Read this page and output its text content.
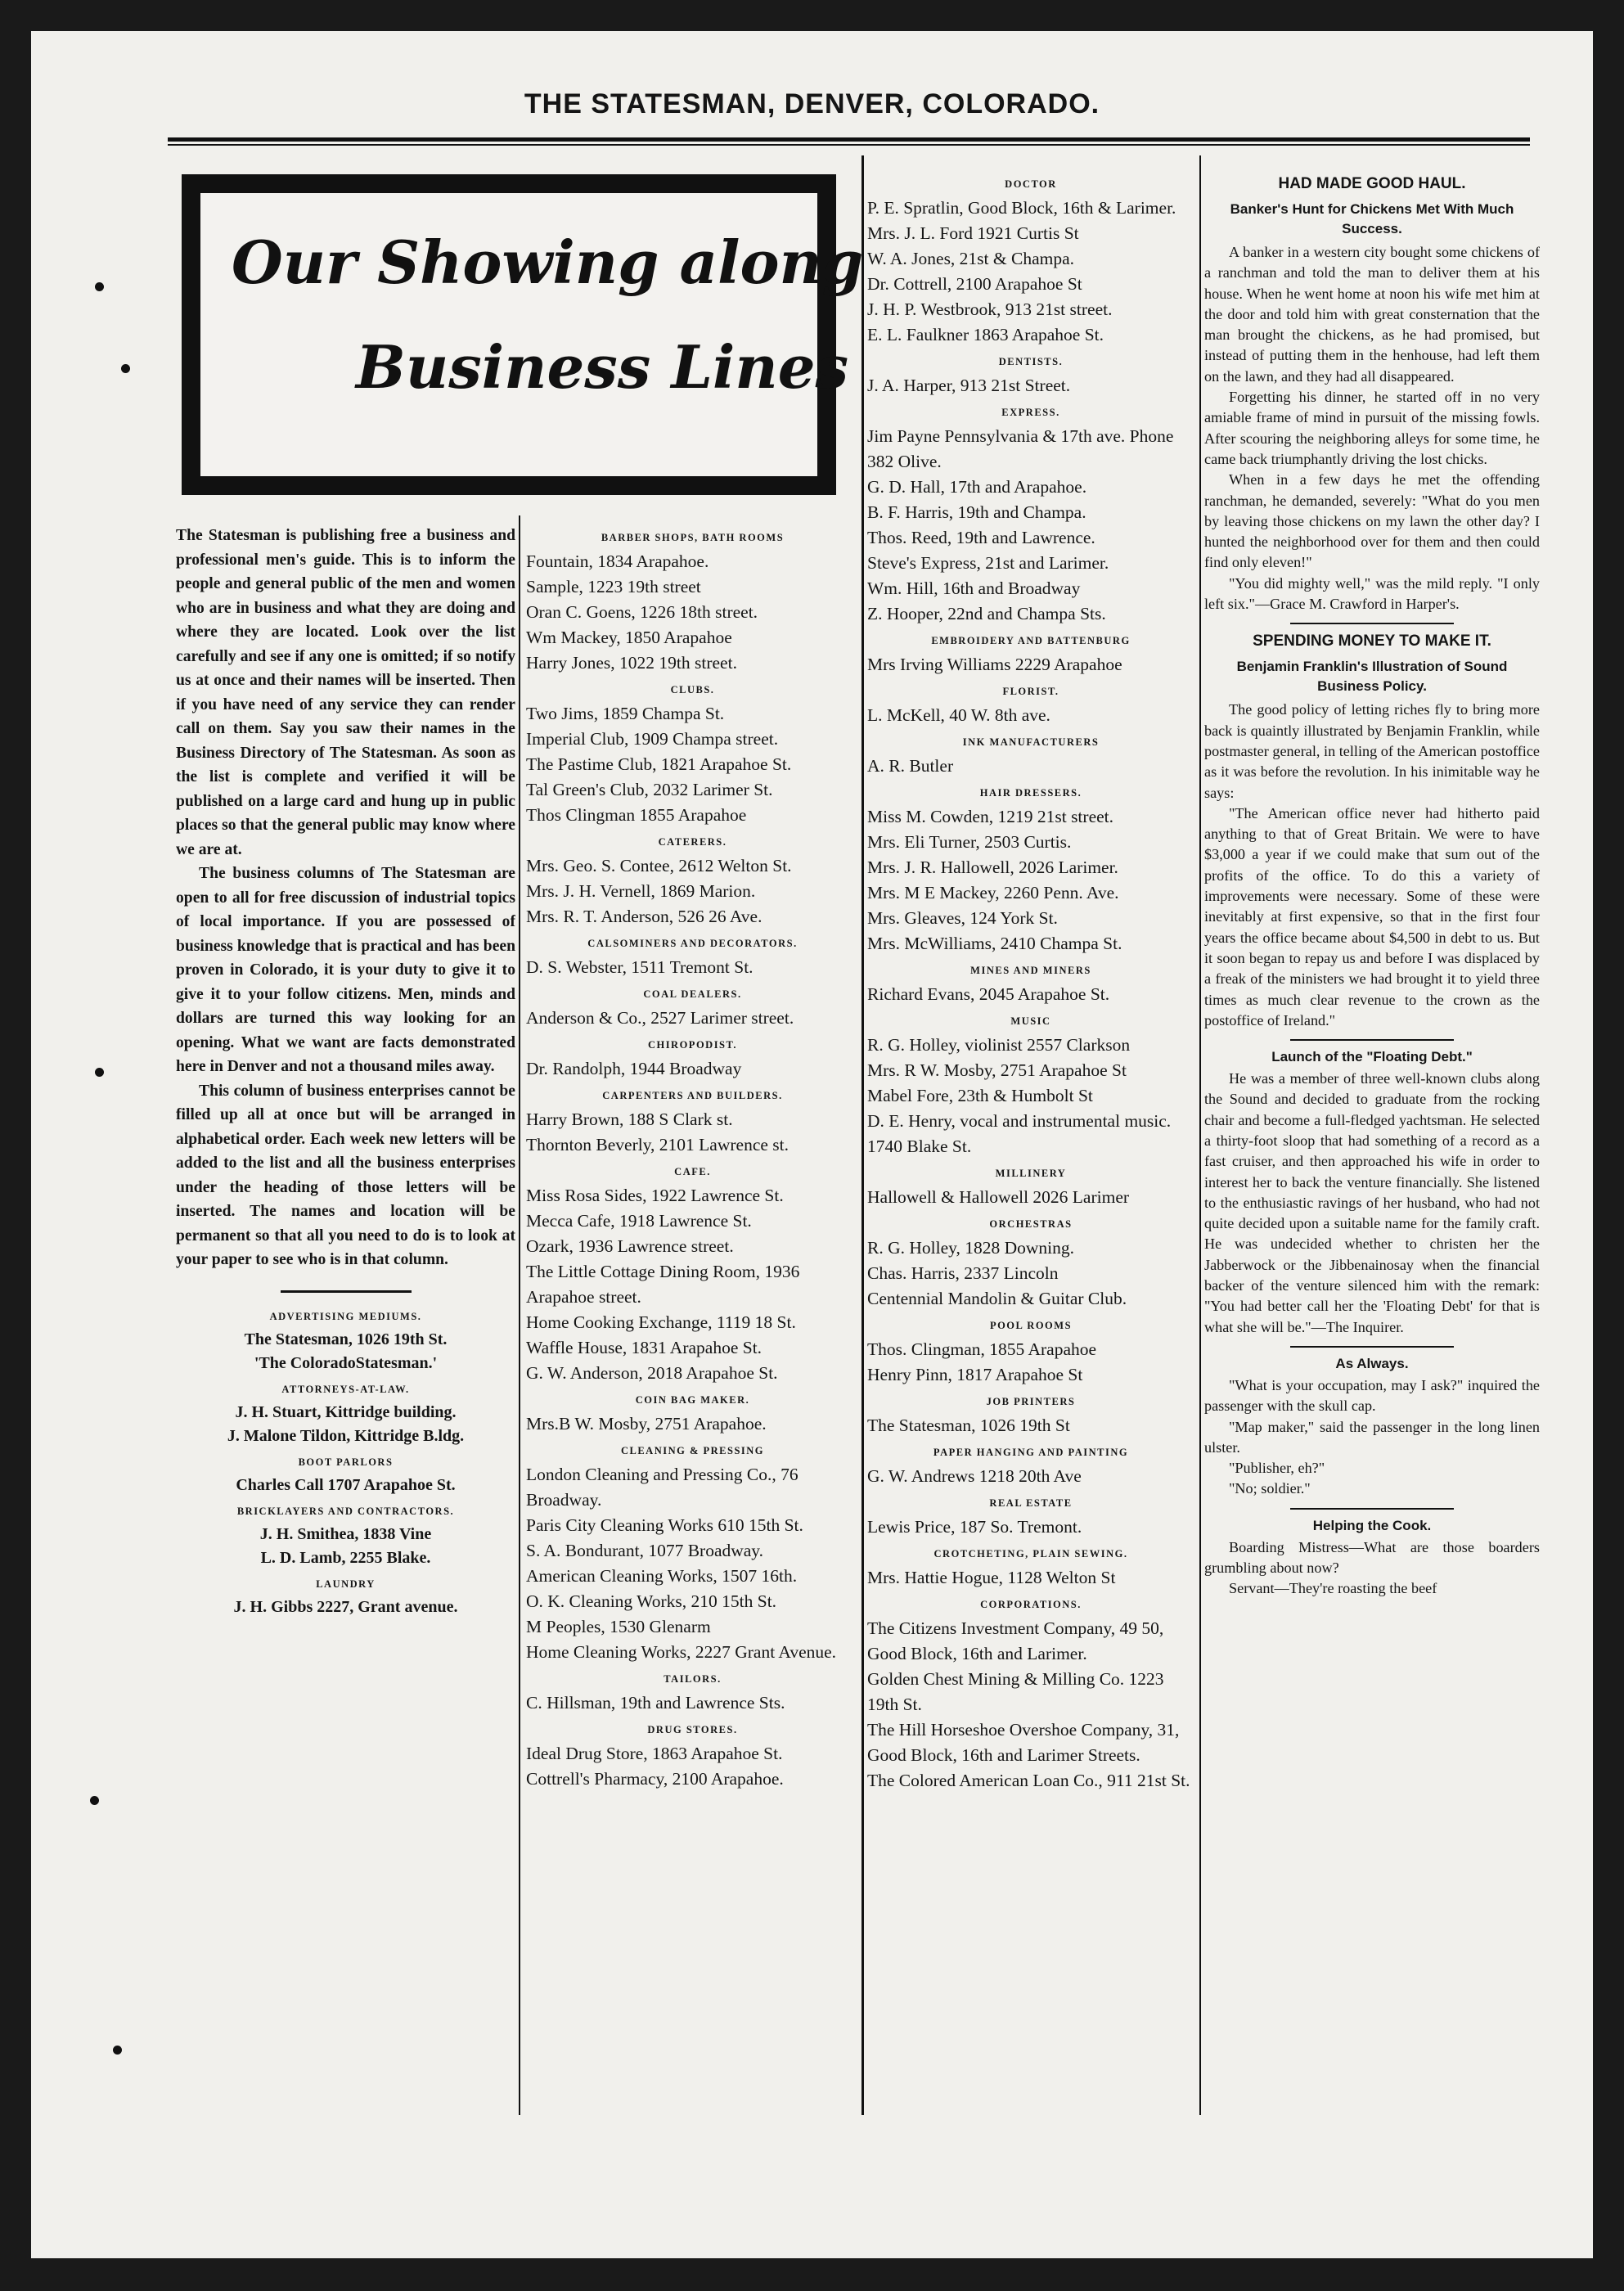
THE STATESMAN, DENVER, COLORADO.
Our Showing along
Business Lines

The Statesman is publishing free a business and professional men's guide. This is to inform the people and general public of the men and women who are in business and what they are doing and where they are located. Look over the list carefully and see if any one is omitted; if so notify us at once and their names will be inserted. Then if you have need of any service they can render call on them. Say you saw their names in the Business Directory of The Statesman. As soon as the list is complete and verified it will be published on a large card and hung up in public places so that the general public may know where we are at.

The business columns of The Statesman are open to all for free discussion of industrial topics of local importance. If you are possessed of business knowledge that is practical and has been proven in Colorado, it is your duty to give it to give it to your follow citizens. Men, minds and dollars are turned this way looking for an opening. What we want are facts demonstrated here in Denver and not a thousand miles away.

This column of business enterprises cannot be filled up all at once but will be arranged in alphabetical order. Each week new letters will be added to the list and all the business enterprises under the heading of those letters will be inserted. The names and location will be permanent so that all you need to do is to look at your paper to see who is in that column.

ADVERTISING MEDIUMS.
The Statesman, 1026 19th St.
'The ColoradoStatesman.'
ATTORNEYS-AT-LAW.
J. H. Stuart, Kittridge building.
J. Malone Tildon, Kittridge B.ldg.
BOOT PARLORS
Charles Call 1707 Arapahoe St.
BRICKLAYERS AND CONTRACTORS.
J. H. Smithea, 1838 Vine
L. D. Lamb, 2255 Blake.
LAUNDRY
J. H. Gibbs 2227, Grant avenue.
BARBER SHOPS, BATH ROOMS
Fountain, 1834 Arapahoe.
Sample, 1223 19th street
Oran C. Goens, 1226 18th street.
Wm Mackey, 1850 Arapahoe
Harry Jones, 1022 19th street.
CLUBS.
Two Jims, 1859 Champa St.
Imperial Club, 1909 Champa street.
The Pastime Club, 1821 Arapahoe St.
Tal Green's Club, 2032 Larimer St.
Thos Clingman 1855 Arapahoe
CATERERS.
Mrs. Geo. S. Contee, 2612 Welton St.
Mrs. J. H. Vernell, 1869 Marion.
Mrs. R. T. Anderson, 526 26 Ave.
CALSOMINERS AND DECORATORS.
D. S. Webster, 1511 Tremont St.
COAL DEALERS.
Anderson & Co., 2527 Larimer street.
CHIROPODIST.
Dr. Randolph, 1944 Broadway
CARPENTERS AND BUILDERS.
Harry Brown, 188 S Clark st.
Thornton Beverly, 2101 Lawrence st.
CAFE.
Miss Rosa Sides, 1922 Lawrence St.
Mecca Cafe, 1918 Lawrence St.
Ozark, 1936 Lawrence street.
The Little Cottage Dining Room, 1936 Arapahoe street.
Home Cooking Exchange, 1119 18 St.
Waffle House, 1831 Arapahoe St.
G. W. Anderson, 2018 Arapahoe St.
COIN BAG MAKER.
Mrs.B W. Mosby, 2751 Arapahoe.
CLEANING & PRESSING
London Cleaning and Pressing Co., 76 Broadway.
Paris City Cleaning Works 610 15th St.
S. A. Bondurant, 1077 Broadway.
American Cleaning Works, 1507 16th.
O. K. Cleaning Works, 210 15th St.
M Peoples, 1530 Glenarm
Home Cleaning Works, 2227 Grant Avenue.
TAILORS.
C. Hillsman, 19th and Lawrence Sts.
DRUG STORES.
Ideal Drug Store, 1863 Arapahoe St.
Cottrell's Pharmacy, 2100 Arapahoe.
DOCTOR
P. E. Spratlin, Good Block, 16th & Larimer.
Mrs. J. L. Ford 1921 Curtis St
W. A. Jones, 21st & Champa.
Dr. Cottrell, 2100 Arapahoe St
J. H. P. Westbrook, 913 21st street.
E. L. Faulkner 1863 Arapahoe St.
DENTISTS.
J. A. Harper, 913 21st Street.
EXPRESS.
Jim Payne Pennsylvania & 17th ave. Phone 382 Olive.
G. D. Hall, 17th and Arapahoe.
B. F. Harris, 19th and Champa.
Thos. Reed, 19th and Lawrence.
Steve's Express, 21st and Larimer.
Wm. Hill, 16th and Broadway
Z. Hooper, 22nd and Champa Sts.
EMBROIDERY AND BATTENBURG
Mrs Irving Williams 2229 Arapahoe
FLORIST.
L. McKell, 40 W. 8th ave.
INK MANUFACTURERS
A. R. Butler
HAIR DRESSERS.
Miss M. Cowden, 1219 21st street.
Mrs. Eli Turner, 2503 Curtis.
Mrs. J. R. Hallowell, 2026 Larimer.
Mrs. M E Mackey, 2260 Penn. Ave.
Mrs. Gleaves, 124 York St.
Mrs. McWilliams, 2410 Champa St.
MINES AND MINERS
Richard Evans, 2045 Arapahoe St.
MUSIC
R. G. Holley, violinist 2557 Clarkson
Mrs. R W. Mosby, 2751 Arapahoe St
Mabel Fore, 23th & Humbolt St
D. E. Henry, vocal and instrumental music. 1740 Blake St.
MILLINERY
Hallowell & Hallowell 2026 Larimer
ORCHESTRAS
R. G. Holley, 1828 Downing.
Chas. Harris, 2337 Lincoln
Centennial Mandolin & Guitar Club.
POOL ROOMS
Thos. Clingman, 1855 Arapahoe
Henry Pinn, 1817 Arapahoe St
JOB PRINTERS
The Statesman, 1026 19th St
PAPER HANGING AND PAINTING
G. W. Andrews 1218 20th Ave
REAL ESTATE
Lewis Price, 187 So. Tremont.
CROTCHETING, PLAIN SEWING.
Mrs. Hattie Hogue, 1128 Welton St
CORPORATIONS.
The Citizens Investment Company, 49 50, Good Block, 16th and Larimer.
Golden Chest Mining & Milling Co. 1223 19th St.
The Hill Horseshoe Overshoe Company, 31, Good Block, 16th and Larimer Streets.
The Colored American Loan Co., 911 21st St.
HAD MADE GOOD HAUL.
Banker's Hunt for Chickens Met With Much Success.

A banker in a western city bought some chickens of a ranchman and told the man to deliver them at his house. When he went home at noon his wife met him at the door and told him with great consternation that the man brought the chickens, as he had promised, but instead of putting them in the henhouse, had left them on the lawn, and they had all disappeared.

Forgetting his dinner, he started off in no very amiable frame of mind in pursuit of the missing fowls. After scouring the neighboring alleys for some time, he came back triumphantly driving the lost chicks.

When in a few days he met the offending ranchman, he demanded, severely: "What do you men by leaving those chickens on my lawn the other day? I hunted the neighborhood over for them and then could find only eleven!"

"You did mighty well," was the mild reply. "I only left six."—Grace M. Crawford in Harper's.

SPENDING MONEY TO MAKE IT.
Benjamin Franklin's Illustration of Sound Business Policy.

The good policy of letting riches fly to bring more back is quaintly illustrated by Benjamin Franklin, while postmaster general, in telling of the American postoffice as it was before the revolution. In his inimitable way he says:

"The American office never had hitherto paid anything to that of Great Britain. We were to have $3,000 a year if we could make that sum out of the profits of the office. To do this a variety of improvements were necessary. Some of these were inevitably at first expensive, so that in the first four years the office became about $4,500 in debt to us. But it soon began to repay us and before I was displaced by a freak of the ministers we had brought it to yield three times as much clear revenue to the crown as the postoffice of Ireland."

Launch of the "Floating Debt."

He was a member of three well-known clubs along the Sound and decided to graduate from the rocking chair and become a full-fledged yachtsman. He selected a thirty-foot sloop that had something of a record as a fast cruiser, and then approached his wife in order to interest her to back the venture financially. She listened to the enthusiastic ravings of her husband, who had not quite decided upon a suitable name for the family craft. He was undecided whether to christen her the Jabberwock or the Jibbenainosay when the financial backer of the venture silenced him with the remark: "You had better call her the 'Floating Debt' for that is what she will be."—The Inquirer.

As Always.

"What is your occupation, may I ask?" inquired the passenger with the skull cap.

"Map maker," said the passenger in the long linen ulster.

"Publisher, eh?"

"No; soldier."

Helping the Cook.

Boarding Mistress—What are those boarders grumbling about now?

Servant—They're roasting the beef
